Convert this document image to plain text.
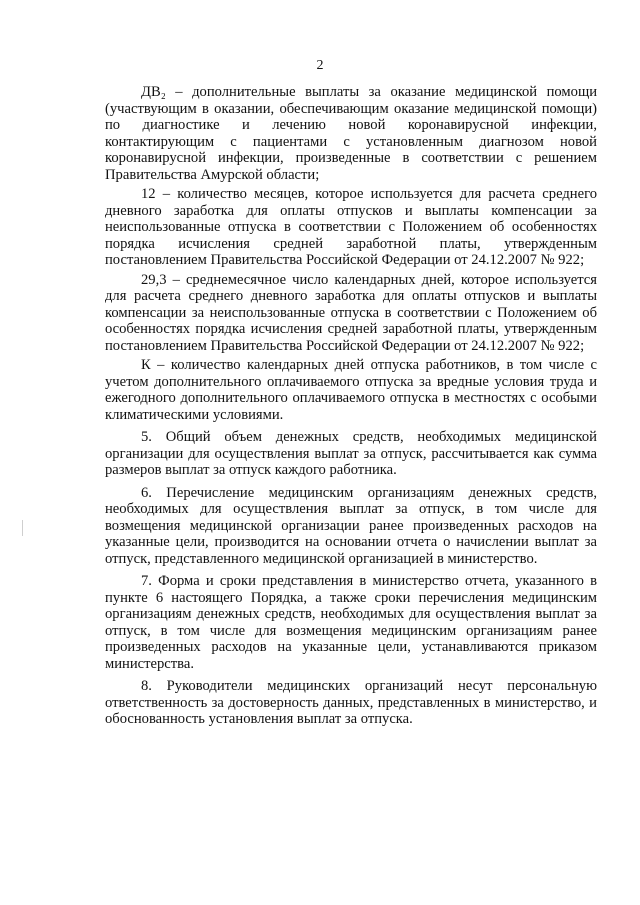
2

ДВ₂ – дополнительные выплаты за оказание медицинской помощи (участвующим в оказании, обеспечивающим оказание медицинской помощи) по диагностике и лечению новой коронавирусной инфекции, контактирующим с пациентами с установленным диагнозом новой коронавирусной инфекции, произведенные в соответствии с решением Правительства Амурской области;

12 – количество месяцев, которое используется для расчета среднего дневного заработка для оплаты отпусков и выплаты компенсации за неиспользованные отпуска в соответствии с Положением об особенностях порядка исчисления средней заработной платы, утвержденным постановлением Правительства Российской Федерации от 24.12.2007 № 922;

29,3 – среднемесячное число календарных дней, которое используется для расчета среднего дневного заработка для оплаты отпусков и выплаты компенсации за неиспользованные отпуска в соответствии с Положением об особенностях порядка исчисления средней заработной платы, утвержденным постановлением Правительства Российской Федерации от 24.12.2007 № 922;

К – количество календарных дней отпуска работников, в том числе с учетом дополнительного оплачиваемого отпуска за вредные условия труда и ежегодного дополнительного оплачиваемого отпуска в местностях с особыми климатическими условиями.

5. Общий объем денежных средств, необходимых медицинской организации для осуществления выплат за отпуск, рассчитывается как сумма размеров выплат за отпуск каждого работника.

6. Перечисление медицинским организациям денежных средств, необходимых для осуществления выплат за отпуск, в том числе для возмещения медицинской организации ранее произведенных расходов на указанные цели, производится на основании отчета о начислении выплат за отпуск, представленного медицинской организацией в министерство.

7. Форма и сроки представления в министерство отчета, указанного в пункте 6 настоящего Порядка, а также сроки перечисления медицинским организациям денежных средств, необходимых для осуществления выплат за отпуск, в том числе для возмещения медицинским организациям ранее произведенных расходов на указанные цели, устанавливаются приказом министерства.

8. Руководители медицинских организаций несут персональную ответственность за достоверность данных, представленных в министерство, и обоснованность установления выплат за отпуска.
